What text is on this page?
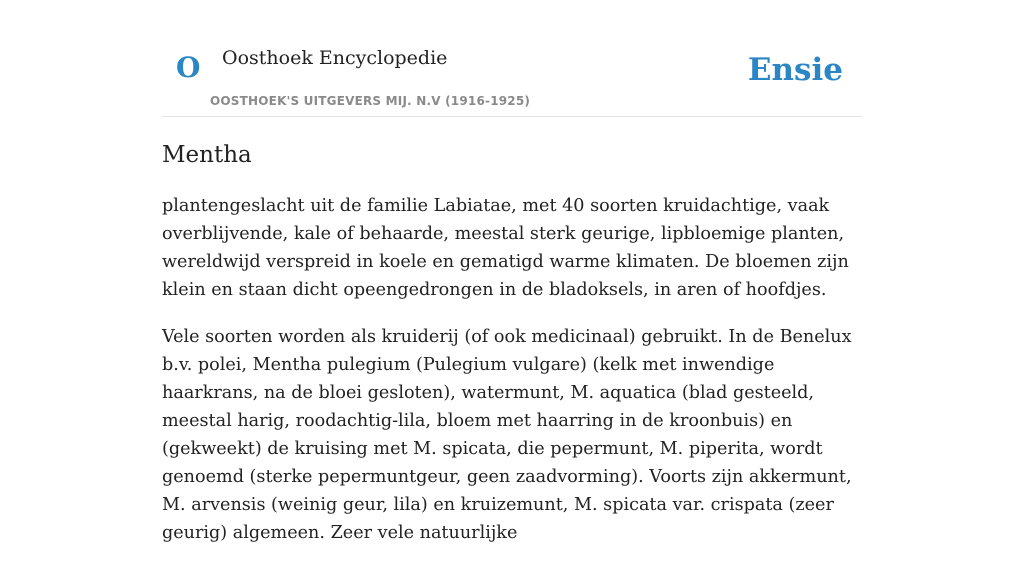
O Oosthoek Encyclopedie
OOSTHOEK'S UITGEVERS MIJ. N.V (1916-1925)
Ensie
Mentha

plantengeslacht uit de familie Labiatae, met 40 soorten kruidachtige, vaak overblijvende, kale of behaarde, meestal sterk geurige, lipbloemige planten, wereldwijd verspreid in koele en gematigd warme klimaten. De bloemen zijn klein en staan dicht opeengedrongen in de bladoksels, in aren of hoofdjes.

Vele soorten worden als kruiderij (of ook medicinaal) gebruikt. In de Benelux b.v. polei, Mentha pulegium (Pulegium vulgare) (kelk met inwendige haarkrans, na de bloei gesloten), watermunt, M. aquatica (blad gesteeld, meestal harig, roodachtig-lila, bloem met haarring in de kroonbuis) en (gekweekt) de kruising met M. spicata, die pepermunt, M. piperita, wordt genoemd (sterke pepermuntgeur, geen zaadvorming). Voorts zijn akkermunt, M. arvensis (weinig geur, lila) en kruizemunt, M. spicata var. crispata (zeer geurig) algemeen. Zeer vele natuurlijke
